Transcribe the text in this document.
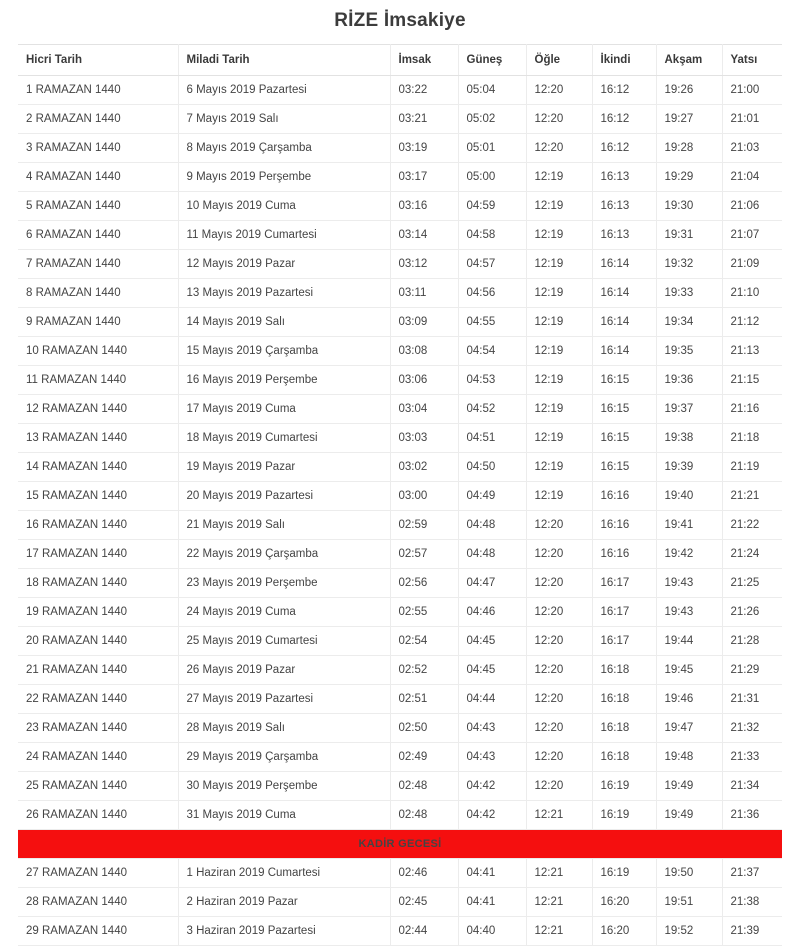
RİZE İmsakiye
Hicri Tarih	Miladi Tarih	İmsak	Güneş	Öğle	İkindi	Akşam	Yatsı
1 RAMAZAN 1440	6 Mayıs 2019 Pazartesi	03:22	05:04	12:20	16:12	19:26	21:00
2 RAMAZAN 1440	7 Mayıs 2019 Salı	03:21	05:02	12:20	16:12	19:27	21:01
3 RAMAZAN 1440	8 Mayıs 2019 Çarşamba	03:19	05:01	12:20	16:12	19:28	21:03
4 RAMAZAN 1440	9 Mayıs 2019 Perşembe	03:17	05:00	12:19	16:13	19:29	21:04
5 RAMAZAN 1440	10 Mayıs 2019 Cuma	03:16	04:59	12:19	16:13	19:30	21:06
6 RAMAZAN 1440	11 Mayıs 2019 Cumartesi	03:14	04:58	12:19	16:13	19:31	21:07
7 RAMAZAN 1440	12 Mayıs 2019 Pazar	03:12	04:57	12:19	16:14	19:32	21:09
8 RAMAZAN 1440	13 Mayıs 2019 Pazartesi	03:11	04:56	12:19	16:14	19:33	21:10
9 RAMAZAN 1440	14 Mayıs 2019 Salı	03:09	04:55	12:19	16:14	19:34	21:12
10 RAMAZAN 1440	15 Mayıs 2019 Çarşamba	03:08	04:54	12:19	16:14	19:35	21:13
11 RAMAZAN 1440	16 Mayıs 2019 Perşembe	03:06	04:53	12:19	16:15	19:36	21:15
12 RAMAZAN 1440	17 Mayıs 2019 Cuma	03:04	04:52	12:19	16:15	19:37	21:16
13 RAMAZAN 1440	18 Mayıs 2019 Cumartesi	03:03	04:51	12:19	16:15	19:38	21:18
14 RAMAZAN 1440	19 Mayıs 2019 Pazar	03:02	04:50	12:19	16:15	19:39	21:19
15 RAMAZAN 1440	20 Mayıs 2019 Pazartesi	03:00	04:49	12:19	16:16	19:40	21:21
16 RAMAZAN 1440	21 Mayıs 2019 Salı	02:59	04:48	12:20	16:16	19:41	21:22
17 RAMAZAN 1440	22 Mayıs 2019 Çarşamba	02:57	04:48	12:20	16:16	19:42	21:24
18 RAMAZAN 1440	23 Mayıs 2019 Perşembe	02:56	04:47	12:20	16:17	19:43	21:25
19 RAMAZAN 1440	24 Mayıs 2019 Cuma	02:55	04:46	12:20	16:17	19:43	21:26
20 RAMAZAN 1440	25 Mayıs 2019 Cumartesi	02:54	04:45	12:20	16:17	19:44	21:28
21 RAMAZAN 1440	26 Mayıs 2019 Pazar	02:52	04:45	12:20	16:18	19:45	21:29
22 RAMAZAN 1440	27 Mayıs 2019 Pazartesi	02:51	04:44	12:20	16:18	19:46	21:31
23 RAMAZAN 1440	28 Mayıs 2019 Salı	02:50	04:43	12:20	16:18	19:47	21:32
24 RAMAZAN 1440	29 Mayıs 2019 Çarşamba	02:49	04:43	12:20	16:18	19:48	21:33
25 RAMAZAN 1440	30 Mayıs 2019 Perşembe	02:48	04:42	12:20	16:19	19:49	21:34
26 RAMAZAN 1440	31 Mayıs 2019 Cuma	02:48	04:42	12:21	16:19	19:49	21:36
KADİR GECESİ							
27 RAMAZAN 1440	1 Haziran 2019 Cumartesi	02:46	04:41	12:21	16:19	19:50	21:37
28 RAMAZAN 1440	2 Haziran 2019 Pazar	02:45	04:41	12:21	16:20	19:51	21:38
29 RAMAZAN 1440	3 Haziran 2019 Pazartesi	02:44	04:40	12:21	16:20	19:52	21:39
